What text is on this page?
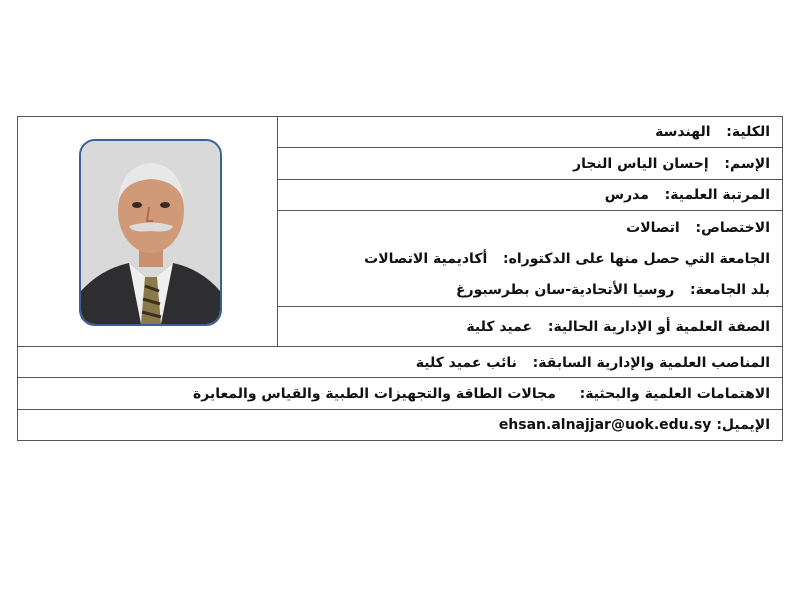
الكلية:  الهندسة
الإسم:  إحسان الياس النجار
المرتبة العلمية:  مدرس
الاختصاص:  اتصالات
الجامعة التي حصل منها على الدكتوراه:  أكاديمية الاتصالات
بلد الجامعة:  روسيا الأتحادية-سان بطرسبورغ
الصفة العلمية أو الإدارية الحالية:  عميد كلية
المناصب العلمية والإدارية السابقة:  نائب عميد كلية
الاهتمامات العلمية والبحثية:  مجالات الطاقة والتجهيزات الطبية والقياس والمعايرة
الإيميل: ehsan.alnajjar@uok.edu.sy
